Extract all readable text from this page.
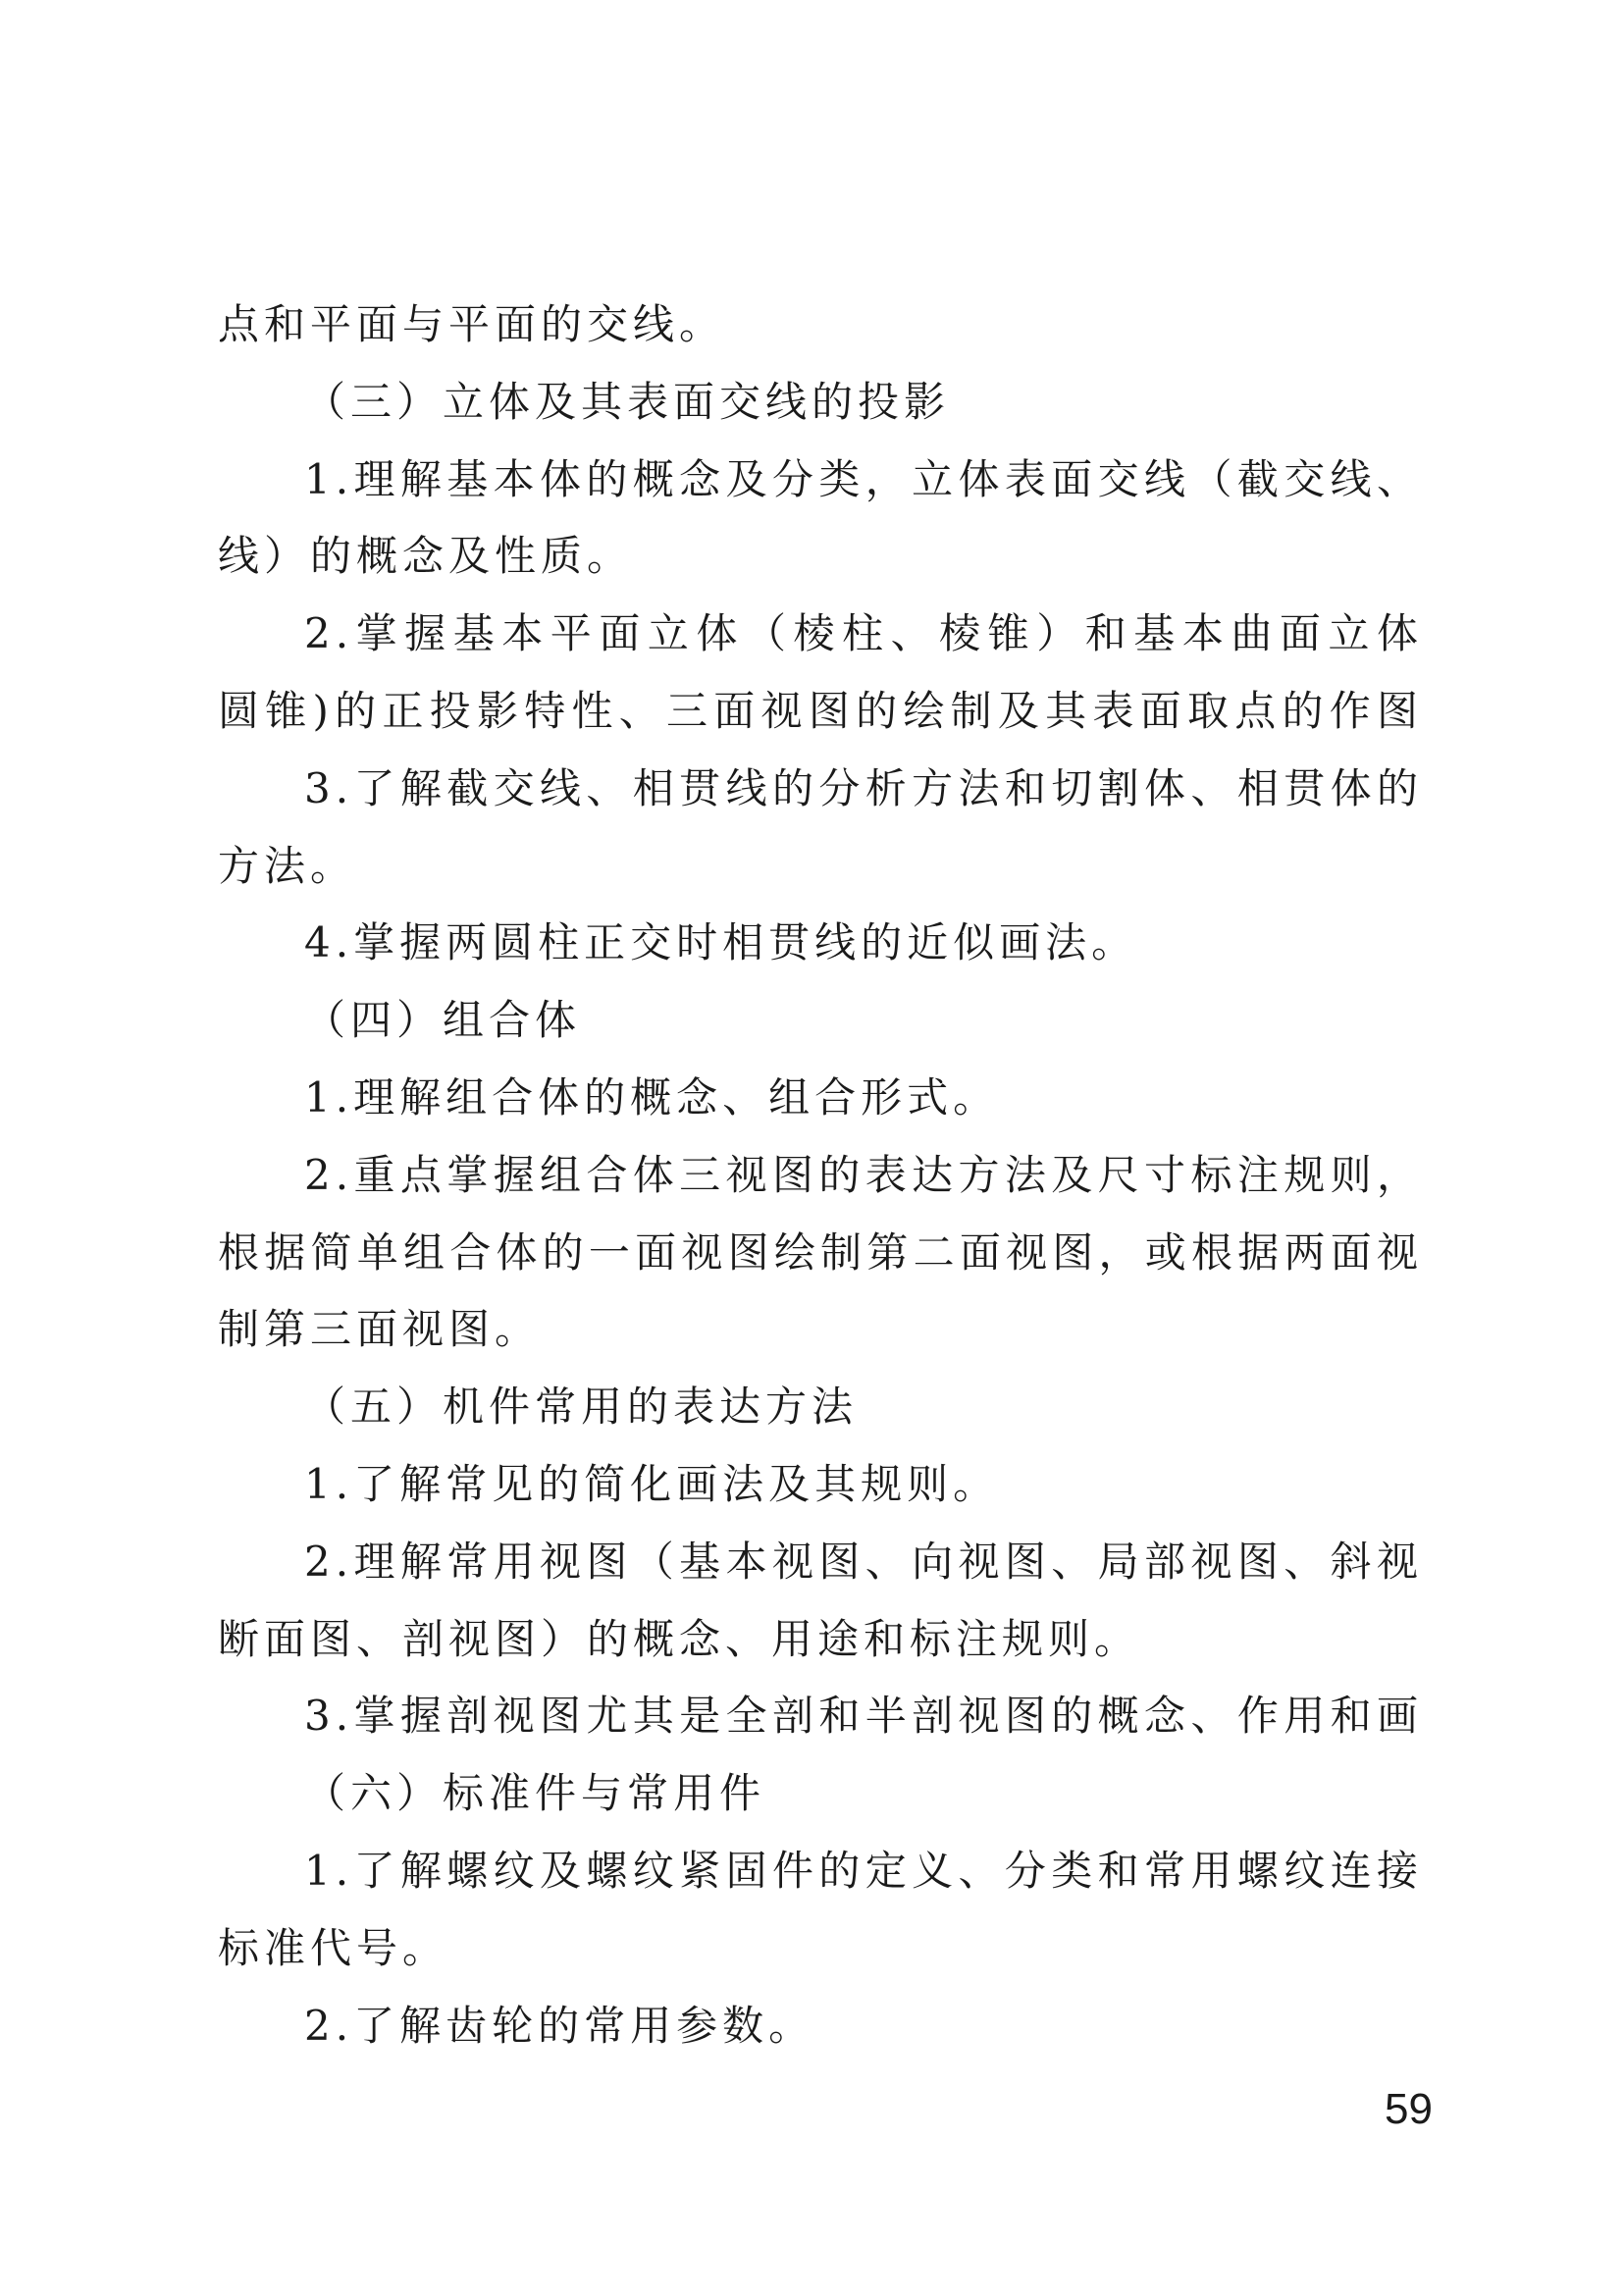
点和平面与平面的交线。
（三）立体及其表面交线的投影
1.理解基本体的概念及分类，立体表面交线（截交线、
线）的概念及性质。
2.掌握基本平面立体（棱柱、棱锥）和基本曲面立体
圆锥)的正投影特性、三面视图的绘制及其表面取点的作图
3.了解截交线、相贯线的分析方法和切割体、相贯体的
方法。
4.掌握两圆柱正交时相贯线的近似画法。
（四）组合体
1.理解组合体的概念、组合形式。
2.重点掌握组合体三视图的表达方法及尺寸标注规则，
根据简单组合体的一面视图绘制第二面视图，或根据两面视
制第三面视图。
（五）机件常用的表达方法
1.了解常见的简化画法及其规则。
2.理解常用视图（基本视图、向视图、局部视图、斜视
断面图、剖视图）的概念、用途和标注规则。
3.掌握剖视图尤其是全剖和半剖视图的概念、作用和画
（六）标准件与常用件
1.了解螺纹及螺纹紧固件的定义、分类和常用螺纹连接
标准代号。
2.了解齿轮的常用参数。
59
